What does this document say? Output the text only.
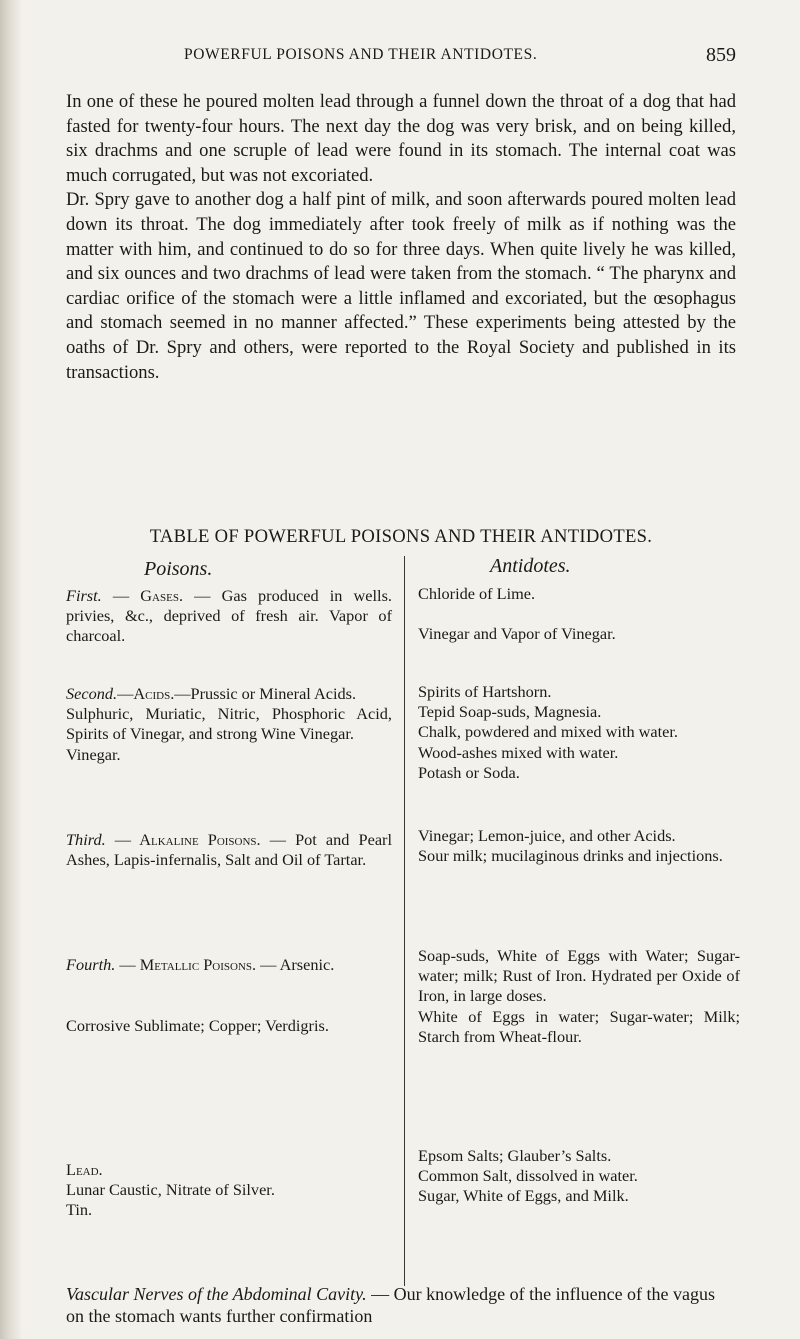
POWERFUL POISONS AND THEIR ANTIDOTES.	859

In one of these he poured molten lead through a funnel down the throat of a dog that had fasted for twenty-four hours. The next day the dog was very brisk, and on being killed, six drachms and one scruple of lead were found in its stomach. The internal coat was much corrugated, but was not excoriated.

Dr. Spry gave to another dog a half pint of milk, and soon afterwards poured molten lead down its throat. The dog immediately after took freely of milk as if nothing was the matter with him, and continued to do so for three days. When quite lively he was killed, and six ounces and two drachms of lead were taken from the stomach. “ The pharynx and cardiac orifice of the stomach were a little inflamed and excoriated, but the œsophagus and stomach seemed in no manner affected.” These experiments being attested by the oaths of Dr. Spry and others, were reported to the Royal Society and published in its transactions.

TABLE OF POWERFUL POISONS AND THEIR ANTIDOTES.
Poisons.	Antidotes.
First. — Gases. — Gas produced in wells. privies, &c., deprived of fresh air. Vapor of charcoal.
Chloride of Lime.

Vinegar and Vapor of Vinegar.
Second.—Acids.—Prussic or Mineral Acids.
Sulphuric, Muriatic, Nitric, Phosphoric Acid, Spirits of Vinegar, and strong Wine Vinegar.
Vinegar.
Spirits of Hartshorn.
Tepid Soap-suds, Magnesia.
Chalk, powdered and mixed with water.
Wood-ashes mixed with water.
Potash or Soda.
Third. — Alkaline Poisons. — Pot and Pearl Ashes, Lapis-infernalis, Salt and Oil of Tartar.
Vinegar; Lemon-juice, and other Acids.
Sour milk; mucilaginous drinks and injections.
Fourth. — Metallic Poisons. — Arsenic.

Corrosive Sublimate; Copper; Verdigris.
Soap-suds, White of Eggs with Water; Sugar-water; milk; Rust of Iron. Hydrated per Oxide of Iron, in large doses.
White of Eggs in water; Sugar-water; Milk; Starch from Wheat-flour.
Lead.
Lunar Caustic, Nitrate of Silver.
Tin.
Epsom Salts; Glauber’s Salts.
Common Salt, dissolved in water.
Sugar, White of Eggs, and Milk.
Vascular Nerves of the Abdominal Cavity. — Our knowledge of the influence of the vagus on the stomach wants further confirmation
